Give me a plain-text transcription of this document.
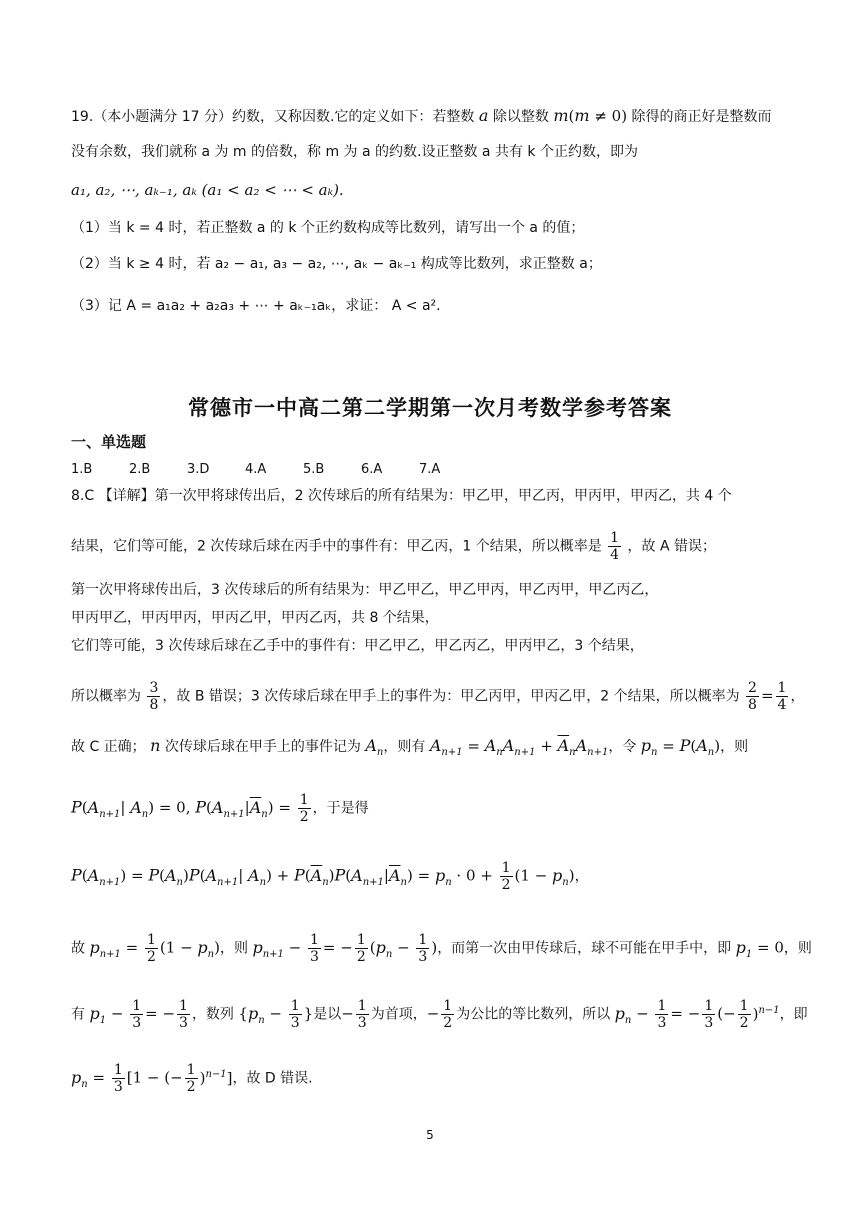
19.（本小题满分 17 分）约数，又称因数.它的定义如下：若整数 a 除以整数 m(m ≠ 0) 除得的商正好是整数而
没有余数，我们就称 a 为 m 的倍数，称 m 为 a 的约数.设正整数 a 共有 k 个正约数，即为
a₁, a₂, ⋯, aₖ₋₁, aₖ (a₁ < a₂ < ⋯ < aₖ).
（1）当 k = 4 时，若正整数 a 的 k 个正约数构成等比数列，请写出一个 a 的值；
（2）当 k ≥ 4 时，若 a₂ − a₁, a₃ − a₂, ⋯, aₖ − aₖ₋₁ 构成等比数列，求正整数 a；
（3）记 A = a₁a₂ + a₂a₃ + ⋯ + aₖ₋₁aₖ，求证： A < a².
常德市一中高二第二学期第一次月考数学参考答案
一、单选题
1.B	2.B	3.D	4.A	5.B	6.A	7.A
8.C 【详解】第一次甲将球传出后，2 次传球后的所有结果为：甲乙甲，甲乙丙，甲丙甲，甲丙乙，共 4 个
结果，它们等可能，2 次传球后球在丙手中的事件有：甲乙丙，1 个结果，所以概率是 $\frac{1}{4}$ ，故 A 错误；
第一次甲将球传出后，3 次传球后的所有结果为：甲乙甲乙，甲乙甲丙，甲乙丙甲，甲乙丙乙，
甲丙甲乙，甲丙甲丙，甲丙乙甲，甲丙乙丙，共 8 个结果，
它们等可能，3 次传球后球在乙手中的事件有：甲乙甲乙，甲乙丙乙，甲丙甲乙，3 个结果，
所以概率为 $\frac{3}{8}$ ，故 B 错误；3 次传球后球在甲手上的事件为：甲乙丙甲，甲丙乙甲，2 个结果，所以概率为 $\frac{2}{8} = \frac{1}{4}$ ，
故 C 正确； n 次传球后球在甲手上的事件记为 $A_n$，则有 $A_{n+1} = A_nA_{n+1} + \overline{A}_nA_{n+1}$，令 $p_n = P(A_n)$，则
$P(A_{n+1}|$ $A_n) = 0$, $P(A_{n+1}|\overline{A}_n) = \frac{1}{2}$ ，于是得
$P(A_{n+1}) = P(A_n)P(A_{n+1}|$ $A_n) + P(\overline{A}_n)P(A_{n+1}|\overline{A}_n) = p_n \cdot 0 + \frac{1}{2} (1 - p_n)$，
故 $p_{n+1} = \frac{1}{2} (1 - p_n)$，则 $p_{n+1} - \frac{1}{3}$ = − $\frac{1}{2} (p_n - \frac{1}{3}$ )，而第一次由甲传球后，球不可能在甲手中，即 $p_1 = 0$，则
有 $p_1 - \frac{1}{3}$ = − $\frac{1}{3}$ ，数列 {$p_n - \frac{1}{3}$ }是以− $\frac{1}{3}$ 为首项，− $\frac{1}{2}$ 为公比的等比数列，所以 $p_n - \frac{1}{3}$ = − $\frac{1}{3}$ (− $\frac{1}{2} )^{n-1}$，即
$p_n = \frac{1}{3} [1$ − (− $\frac{1}{2} )^{n-1}$]，故 D 错误.
5
